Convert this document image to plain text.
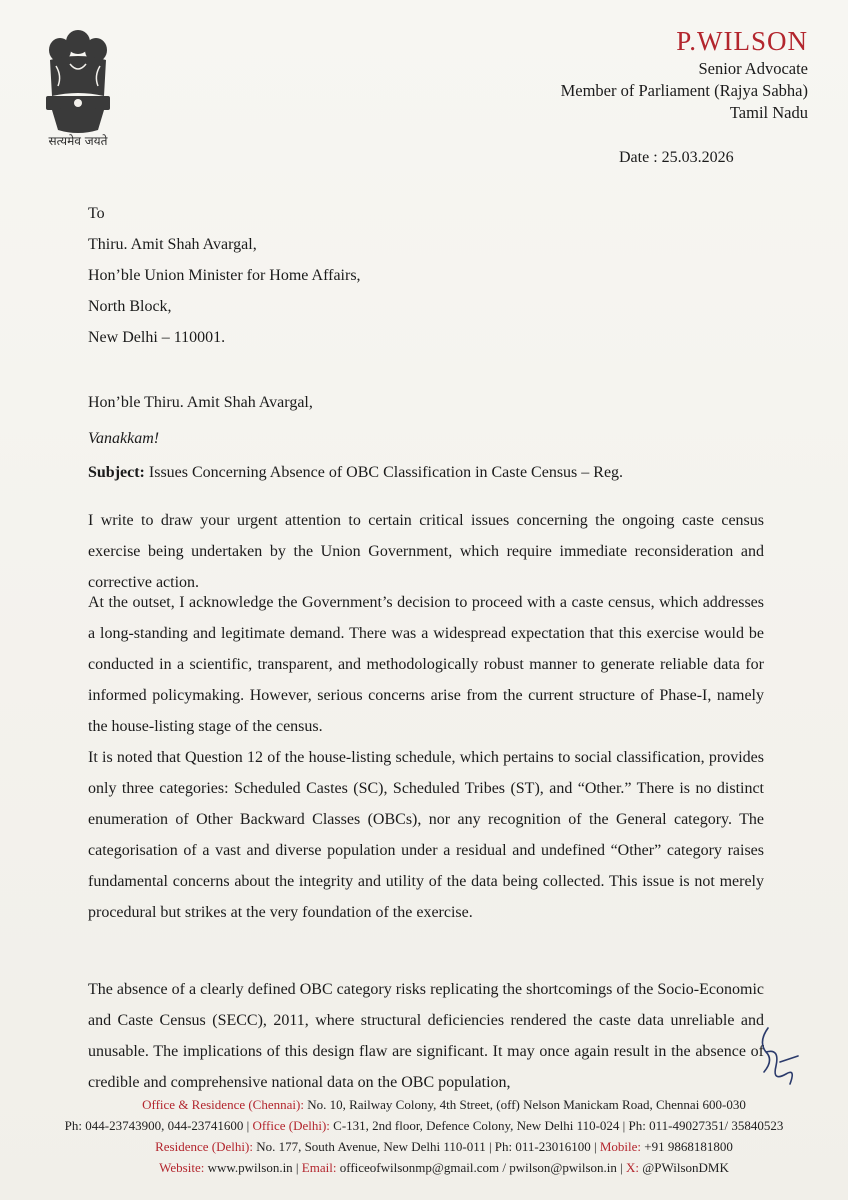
सत्यमेव जयते
P.WILSON
Senior Advocate
Member of Parliament (Rajya Sabha)
Tamil Nadu
Date : 25.03.2026
To
Thiru. Amit Shah Avargal,
Hon’ble Union Minister for Home Affairs,
North Block,
New Delhi – 110001.
Hon’ble Thiru. Amit Shah Avargal,
Vanakkam!
Subject: Issues Concerning Absence of OBC Classification in Caste Census – Reg.
I write to draw your urgent attention to certain critical issues concerning the ongoing caste census exercise being undertaken by the Union Government, which require immediate reconsideration and corrective action.
At the outset, I acknowledge the Government’s decision to proceed with a caste census, which addresses a long-standing and legitimate demand. There was a widespread expectation that this exercise would be conducted in a scientific, transparent, and methodologically robust manner to generate reliable data for informed policymaking. However, serious concerns arise from the current structure of Phase-I, namely the house-listing stage of the census.
It is noted that Question 12 of the house-listing schedule, which pertains to social classification, provides only three categories: Scheduled Castes (SC), Scheduled Tribes (ST), and “Other.” There is no distinct enumeration of Other Backward Classes (OBCs), nor any recognition of the General category. The categorisation of a vast and diverse population under a residual and undefined “Other” category raises fundamental concerns about the integrity and utility of the data being collected. This issue is not merely procedural but strikes at the very foundation of the exercise.
The absence of a clearly defined OBC category risks replicating the shortcomings of the Socio-Economic and Caste Census (SECC), 2011, where structural deficiencies rendered the caste data unreliable and unusable. The implications of this design flaw are significant. It may once again result in the absence of credible and comprehensive national data on the OBC population,
Office & Residence (Chennai): No. 10, Railway Colony, 4th Street, (off) Nelson Manickam Road, Chennai 600-030
Ph: 044-23743900, 044-23741600 | Office (Delhi): C-131, 2nd floor, Defence Colony, New Delhi 110-024 | Ph: 011-49027351/ 35840523
Residence (Delhi): No. 177, South Avenue, New Delhi 110-011 | Ph: 011-23016100 | Mobile: +91 9868181800
Website: www.pwilson.in | Email: officeofwilsonmp@gmail.com / pwilson@pwilson.in | X: @PWilsonDMK
